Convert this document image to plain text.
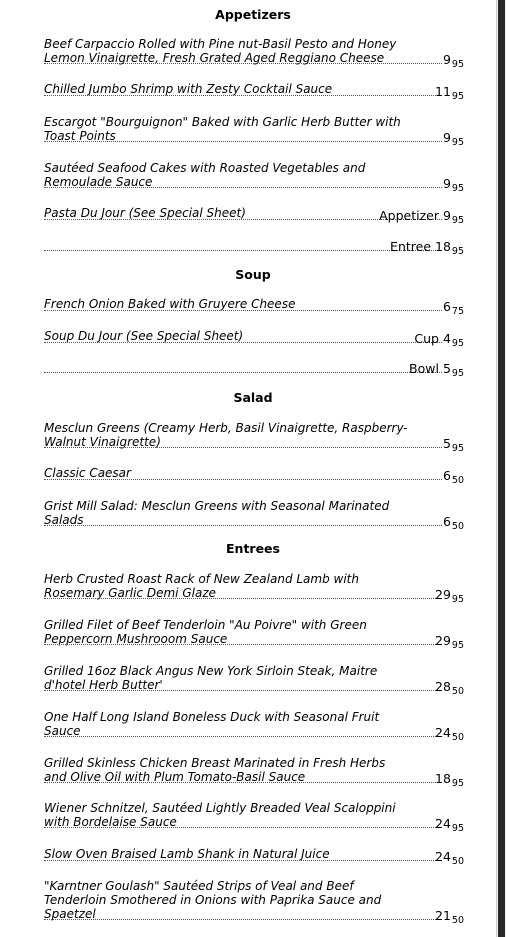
Appetizers
Beef Carpaccio Rolled with Pine nut-Basil Pesto and Honey
Lemon Vinaigrette, Fresh Grated Aged Reggiano Cheese	$9_{95}$
Chilled Jumbo Shrimp with Zesty Cocktail Sauce	$11_{95}$
Escargot "Bourguignon" Baked with Garlic Herb Butter with
Toast Points	$9_{95}$
Sautéed Seafood Cakes with Roasted Vegetables and
Remoulade Sauce	$9_{95}$
Pasta Du Jour (See Special Sheet)	Appetizer $9_{95}$
Entree $18_{95}$
Soup
French Onion Baked with Gruyere Cheese	$6_{75}$
Soup Du Jour (See Special Sheet)	Cup $4_{95}$
Bowl $5_{95}$
Salad
Mesclun Greens (Creamy Herb, Basil Vinaigrette, Raspberry-
Walnut Vinaigrette)	$5_{95}$
Classic Caesar	$6_{50}$
Grist Mill Salad: Mesclun Greens with Seasonal Marinated
Salads	$6_{50}$
Entrees
Herb Crusted Roast Rack of New Zealand Lamb with
Rosemary Garlic Demi Glaze	$29_{95}$
Grilled Filet of Beef Tenderloin "Au Poivre" with Green
Peppercorn Mushrooom Sauce	$29_{95}$
Grilled 16oz Black Angus New York Sirloin Steak, Maitre
d'hotel Herb Butter'	$28_{50}$
One Half Long Island Boneless Duck with Seasonal Fruit
Sauce	$24_{50}$
Grilled Skinless Chicken Breast Marinated in Fresh Herbs
and Olive Oil with Plum Tomato-Basil Sauce	$18_{95}$
Wiener Schnitzel, Sautéed Lightly Breaded Veal Scaloppini
with Bordelaise Sauce	$24_{95}$
Slow Oven Braised Lamb Shank in Natural Juice	$24_{50}$
"Karntner Goulash" Sautéed Strips of Veal and Beef
Tenderloin Smothered in Onions with Paprika Sauce and
Spaetzel	$21_{50}$
